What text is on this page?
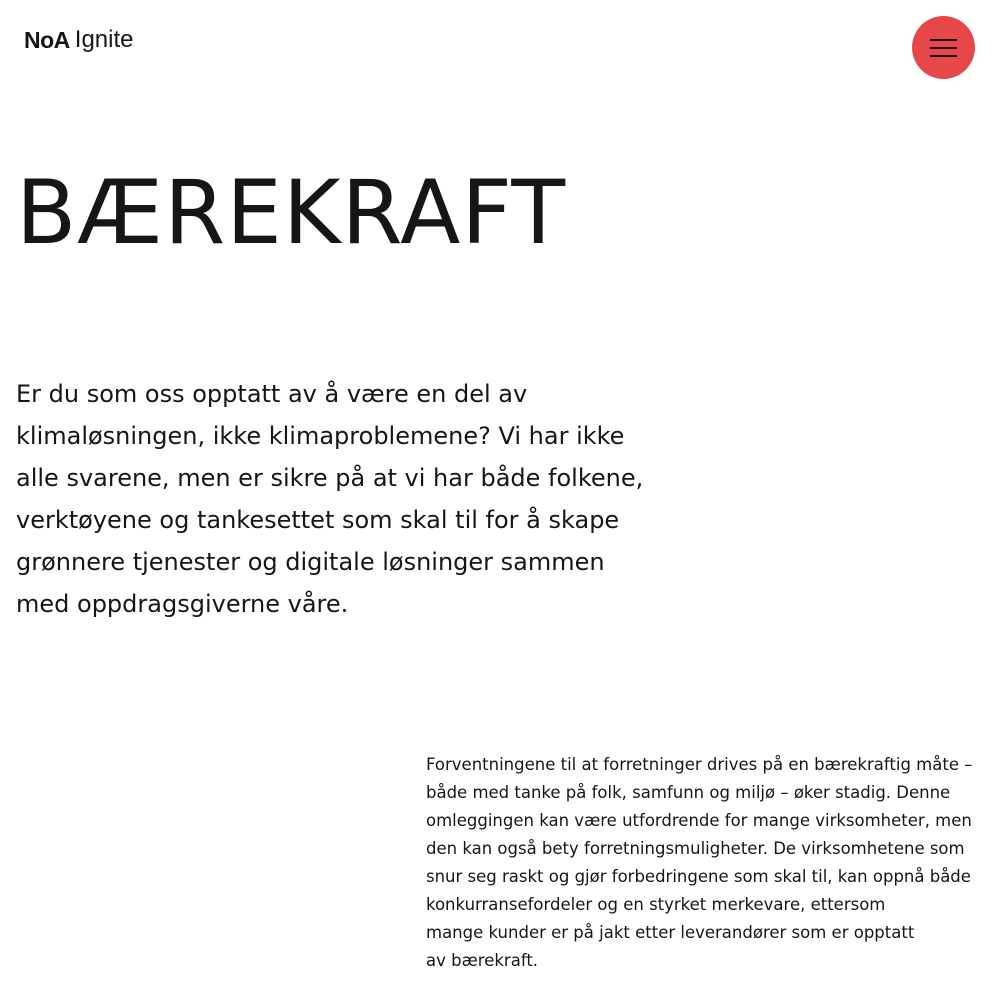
NoA Ignite
BÆREKRAFT

Er du som oss opptatt av å være en del av
klimaløsningen, ikke klimaproblemene? Vi har ikke
alle svarene, men er sikre på at vi har både folkene,
verktøyene og tankesettet som skal til for å skape
grønnere tjenester og digitale løsninger sammen
med oppdragsgiverne våre.

Forventningene til at forretninger drives på en bærekraftig måte –
både med tanke på folk, samfunn og miljø – øker stadig. Denne
omleggingen kan være utfordrende for mange virksomheter, men
den kan også bety forretningsmuligheter. De virksomhetene som
snur seg raskt og gjør forbedringene som skal til, kan oppnå både
konkurransefordeler og en styrket merkevare, ettersom
mange kunder er på jakt etter leverandører som er opptatt
av bærekraft.
